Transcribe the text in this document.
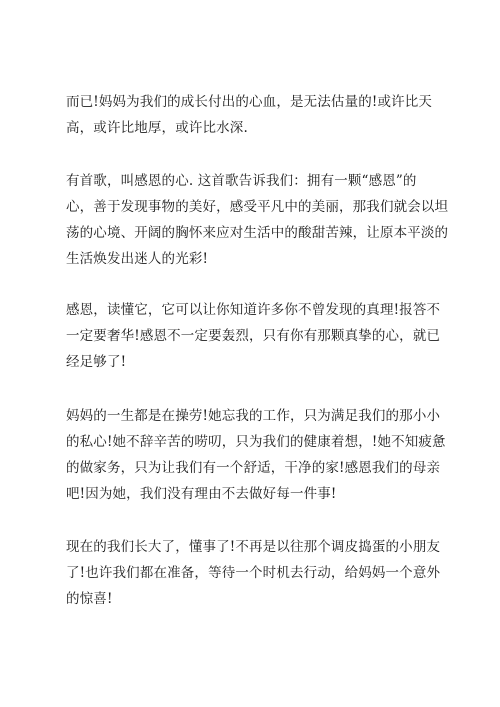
而已!妈妈为我们的成长付出的心血，是无法估量的!或许比天
高，或许比地厚，或许比水深.

有首歌，叫感恩的心. 这首歌告诉我们：拥有一颗“感恩”的
心，善于发现事物的美好，感受平凡中的美丽，那我们就会以坦
荡的心境、开阔的胸怀来应对生活中的酸甜苦辣，让原本平淡的
生活焕发出迷人的光彩!

感恩，读懂它，它可以让你知道许多你不曾发现的真理!报答不
一定要奢华!感恩不一定要轰烈，只有你有那颗真挚的心，就已
经足够了!

妈妈的一生都是在操劳!她忘我的工作，只为满足我们的那小小
的私心!她不辞辛苦的唠叨，只为我们的健康着想，!她不知疲惫
的做家务，只为让我们有一个舒适，干净的家!感恩我们的母亲
吧!因为她，我们没有理由不去做好每一件事!

现在的我们长大了，懂事了!不再是以往那个调皮捣蛋的小朋友
了!也许我们都在准备，等待一个时机去行动，给妈妈一个意外
的惊喜!
